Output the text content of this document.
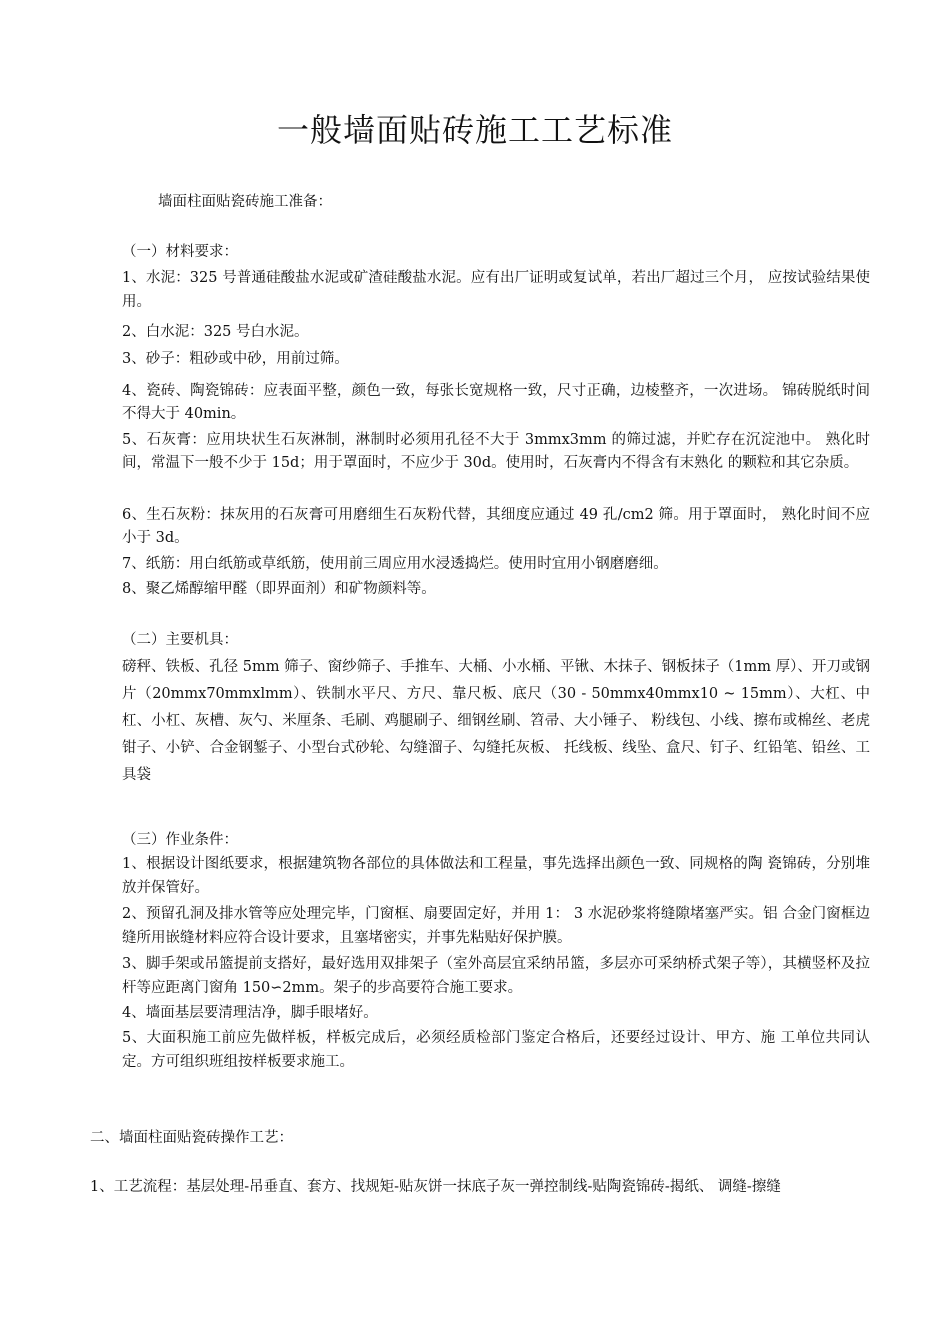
一般墙面贴砖施工工艺标准

墙面柱面贴瓷砖施工准备：

（一）材料要求：

1、水泥：325 号普通硅酸盐水泥或矿渣硅酸盐水泥。应有出厂证明或复试单，若出厂超过三个月， 应按试验结果使用。

2、白水泥：325 号白水泥。

3、砂子：粗砂或中砂，用前过筛。

4、瓷砖、陶瓷锦砖：应表面平整，颜色一致，每张长宽规格一致，尺寸正确，边棱整齐，一次进场。 锦砖脱纸时间不得大于 40min。

5、石灰膏：应用块状生石灰淋制，淋制时必须用孔径不大于 3mmx3mm 的筛过滤，并贮存在沉淀池中。 熟化时间，常温下一般不少于 15d；用于罩面时，不应少于 30d。使用时，石灰膏内不得含有末熟化 的颗粒和其它杂质。

6、生石灰粉：抹灰用的石灰膏可用磨细生石灰粉代替，其细度应通过 49 孔/cm2 筛。用于罩面时， 熟化时间不应小于 3d。

7、纸筋：用白纸筋或草纸筋，使用前三周应用水浸透捣烂。使用时宜用小钢磨磨细。

8、聚乙烯醇缩甲醛（即界面剂）和矿物颜料等。

（二）主要机具：

磅秤、铁板、孔径 5mm 筛子、窗纱筛子、手推车、大桶、小水桶、平锹、木抹子、钢板抹子（1mm 厚）、开刀或钢片（20mmx70mmxlmm）、铁制水平尺、方尺、靠尺板、底尺（30 - 50mmx40mmx10 ~ 15mm）、大杠、中杠、小杠、灰槽、灰勺、米厘条、毛刷、鸡腿刷子、细钢丝刷、笤帚、大小锤子、 粉线包、小线、擦布或棉丝、老虎钳子、小铲、合金钢錾子、小型台式砂轮、勾缝溜子、勾缝托灰板、 托线板、线坠、盒尺、钉子、红铅笔、铅丝、工具袋

（三）作业条件：

1、根据设计图纸要求，根据建筑物各部位的具体做法和工程量，事先选择出颜色一致、同规格的陶 瓷锦砖，分别堆放并保管好。

2、预留孔洞及排水管等应处理完毕，门窗框、扇要固定好，并用 1： 3 水泥砂浆将缝隙堵塞严实。铝 合金门窗框边缝所用嵌缝材料应符合设计要求，且塞堵密实，并事先粘贴好保护膜。

3、脚手架或吊篮提前支搭好，最好选用双排架子（室外高层宜采纳吊篮，多层亦可采纳桥式架子等），其横竖杯及拉杆等应距离门窗角 150∽2mm。架子的步高要符合施工要求。

4、墙面基层要清理洁净，脚手眼堵好。

5、大面积施工前应先做样板，样板完成后，必须经质检部门鉴定合格后，还要经过设计、甲方、施 工单位共同认定。方可组织班组按样板要求施工。

二、墙面柱面贴瓷砖操作工艺：

1、工艺流程：基层处理-吊垂直、套方、找规矩-贴灰饼一抹底子灰一弹控制线-贴陶瓷锦砖-揭纸、 调缝-擦缝
